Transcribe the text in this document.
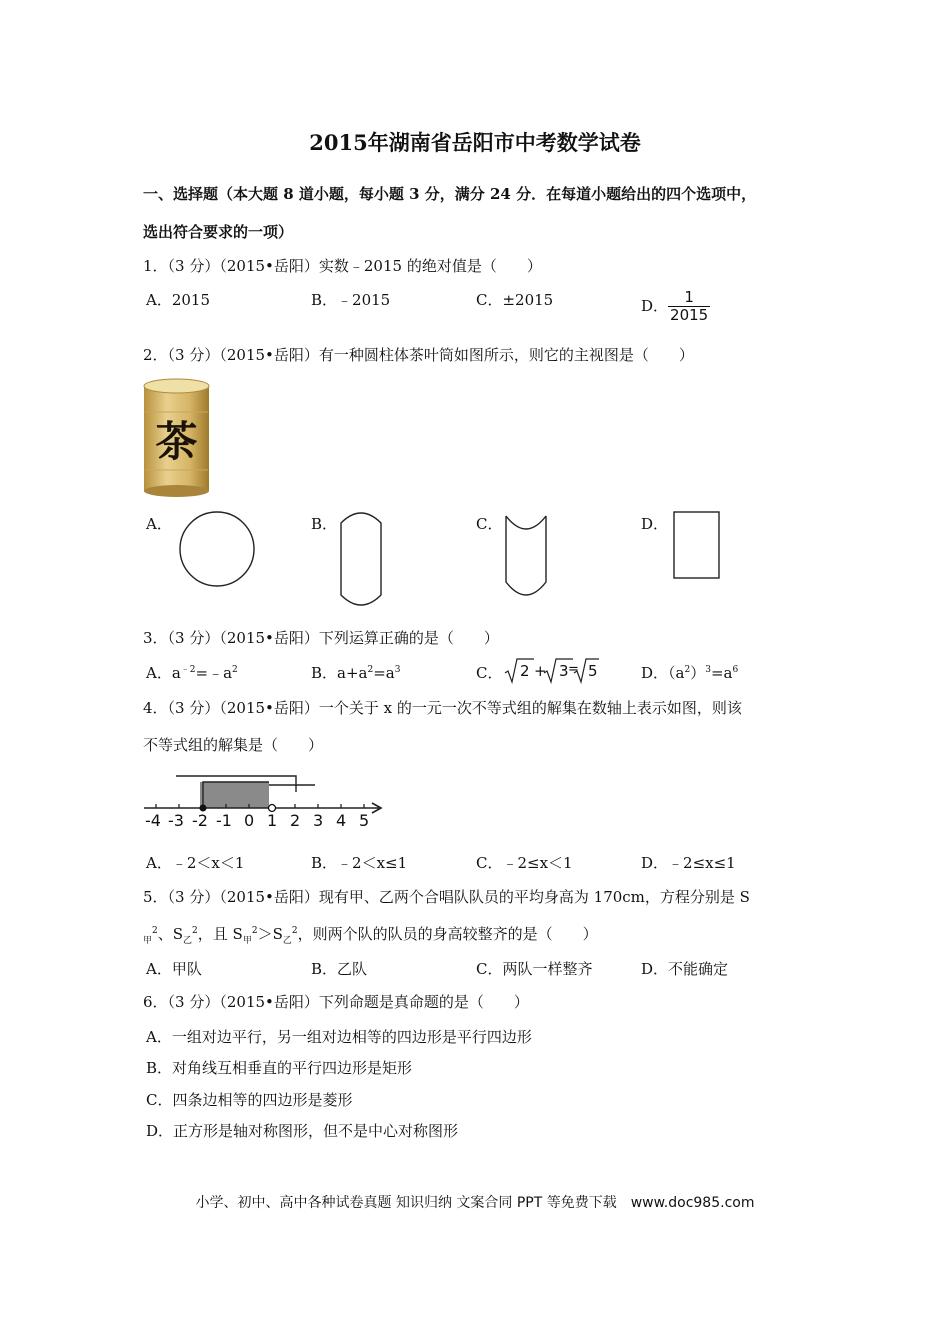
2015年湖南省岳阳市中考数学试卷
一、选择题（本大题 8 道小题，每小题 3 分，满分 24 分．在每道小题给出的四个选项中，
选出符合要求的一项）
1．（3 分）（2015•岳阳）实数﹣2015 的绝对值是（　　）
A．2015	B．﹣2015	C．±2015	D． $\frac{1}{2015}$
2．（3 分）（2015•岳阳）有一种圆柱体茶叶筒如图所示，则它的主视图是（　　）
茶
A．	B．	C．	D．
3．（3 分）（2015•岳阳）下列运算正确的是（　　）
A．$a^{﹣2}=﹣a^2$	B．$a+a^2=a^3$	C． 2 + 3 = 5	D．$(a^2)^3=a^6$
4．（3 分）（2015•岳阳）一个关于 x 的一元一次不等式组的解集在数轴上表示如图，则该
不等式组的解集是（　　）
-4 -3 -2 -1 0 1 2 3 4 5
A．﹣2＜x＜1	B．﹣2＜x≤1	C．﹣2≤x＜1	D．﹣2≤x≤1
5．（3 分）（2015•岳阳）现有甲、乙两个合唱队队员的平均身高为 170cm，方程分别是 S
$_甲^2$、$S_乙^2$，且 $S_甲^2>S_乙^2$，则两个队的队员的身高较整齐的是（　　）
A．甲队	B．乙队	C．两队一样整齐	D．不能确定
6．（3 分）（2015•岳阳）下列命题是真命题的是（　　）
A．一组对边平行，另一组对边相等的四边形是平行四边形
B．对角线互相垂直的平行四边形是矩形
C．四条边相等的四边形是菱形
D．正方形是轴对称图形，但不是中心对称图形
小学、初中、高中各种试卷真题 知识归纳 文案合同 PPT 等免费下载　www.doc985.com
